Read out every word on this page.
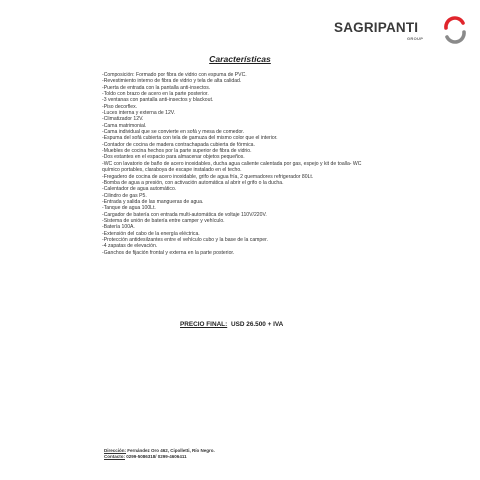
SAGRIPANTI
GROUP
Características
-Composición: Formado por fibra de vidrio con espuma de PVC.
-Revestimiento interno de fibra de vidrio y tela de alta calidad.
-Puerta de entrada con la pantalla anti-insectos.
-Toldo con brazo de acero en la parte posterior.
-3 ventanas con pantalla anti-insectos y blackout.
-Piso decorflex.
-Luces interna y externa de 12V.
-Climatizador 12V.
-Cama matrimonial.
-Cama individual que se convierte en sofá y mesa de comedor.
-Espuma del sofá cubierta con tela de gamuza del mismo color que el interior.
-Contador de cocina de madera contrachapada cubierta de fórmica.
-Muebles de cocina hechos por la parte superior de fibra de vidrio.
-Dos estantes en el espacio para almacenar objetos pequeños.
-WC con lavatorio de baño de acero inoxidables, ducha agua caliente calentada por gas, espejo y kit de toalla- WC químico portables, claraboya de escape instalado en el techo.
-Fregadero de cocina de acero inoxidable, grifo de agua fría, 2 quemadores refrigerador 80Lt.
-Bomba de agua a presión, con activación automática al abrir el grifo o la ducha.
-Calentador de agua automático.
-Cilindro de gas P5.
-Entrada y salida de las mangueras de agua.
-Tanque de agua 100Lt.
-Cargador de batería con entrada multi-automática de voltaje 110V/220V.
-Sistema de unión de batería entre camper y vehículo.
-Batería 100A.
-Extensión del cabo de la energía eléctrica.
-Protección antidesilzantes entre el vehículo cubo y la base de la camper.
-4 zapatas de elevación.
-Ganchos de fijación frontal y externa en la parte posterior.
PRECIO FINAL: USD 26.500 + IVA
Dirección: Fernández Oro 462, Cipolletti, Río Negro.
Contacto: 0299-5086318/ 0299-4606411
